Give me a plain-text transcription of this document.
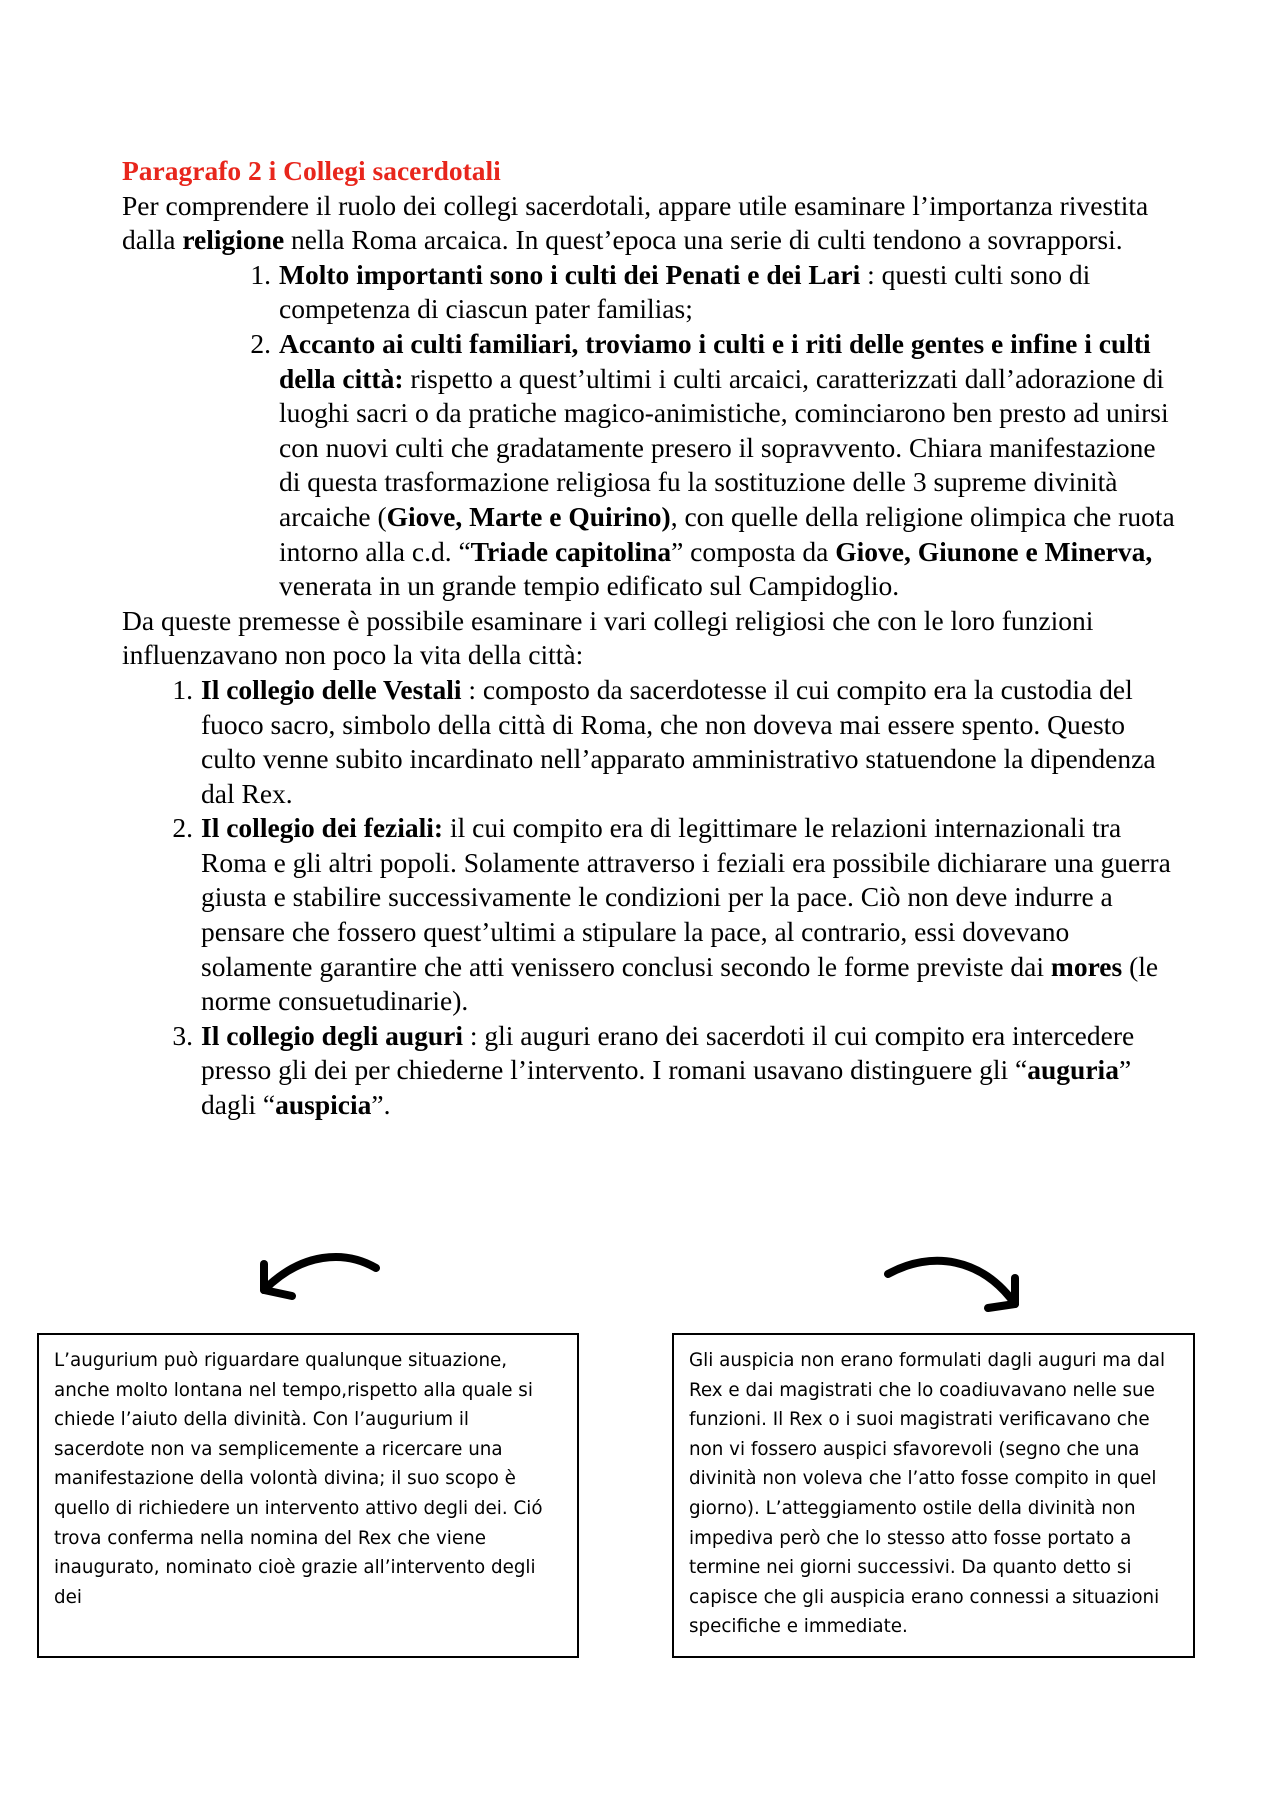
Paragrafo 2 i Collegi sacerdotali

Per comprendere il ruolo dei collegi sacerdotali, appare utile esaminare l’importanza rivestita dalla religione nella Roma arcaica. In quest’epoca una serie di culti tendono a sovrapporsi.

1. Molto importanti sono i culti dei Penati e dei Lari : questi culti sono di competenza di ciascun pater familias;
2. Accanto ai culti familiari, troviamo i culti e i riti delle gentes e infine i culti della città: rispetto a quest’ultimi i culti arcaici, caratterizzati dall’adorazione di luoghi sacri o da pratiche magico-animistiche, cominciarono ben presto ad unirsi con nuovi culti che gradatamente presero il sopravvento. Chiara manifestazione di questa trasformazione religiosa fu la sostituzione delle 3 supreme divinità arcaiche (Giove, Marte e Quirino), con quelle della religione olimpica che ruota intorno alla c.d. “Triade capitolina” composta da Giove, Giunone e Minerva, venerata in un grande tempio edificato sul Campidoglio.

Da queste premesse è possibile esaminare i vari collegi religiosi che con le loro funzioni influenzavano non poco la vita della città:

1. Il collegio delle Vestali : composto da sacerdotesse il cui compito era la custodia del fuoco sacro, simbolo della città di Roma, che non doveva mai essere spento. Questo culto venne subito incardinato nell’apparato amministrativo statuendone la dipendenza dal Rex.
2. Il collegio dei feziali: il cui compito era di legittimare le relazioni internazionali tra Roma e gli altri popoli. Solamente attraverso i feziali era possibile dichiarare una guerra giusta e stabilire successivamente le condizioni per la pace. Ciò non deve indurre a pensare che fossero quest’ultimi a stipulare la pace, al contrario, essi dovevano solamente garantire che atti venissero conclusi secondo le forme previste dai mores (le norme consuetudinarie).
3. Il collegio degli auguri : gli auguri erano dei sacerdoti il cui compito era intercedere presso gli dei per chiederne l’intervento. I romani usavano distinguere gli “auguria” dagli “auspicia”.
L’augurium può riguardare qualunque situazione, anche molto lontana nel tempo,rispetto alla quale si chiede l’aiuto della divinità. Con l’augurium il sacerdote non va semplicemente a ricercare una manifestazione della volontà divina; il suo scopo è quello di richiedere un intervento attivo degli dei. Ció trova conferma nella nomina del Rex che viene inaugurato, nominato cioè grazie all’intervento degli dei
Gli auspicia non erano formulati dagli auguri ma dal Rex e dai magistrati che lo coadiuvavano nelle sue funzioni. Il Rex o i suoi magistrati verificavano che non vi fossero auspici sfavorevoli (segno che una divinità non voleva che l’atto fosse compito in quel giorno). L’atteggiamento ostile della divinità non impediva però che lo stesso atto fosse portato a termine nei giorni successivi. Da quanto detto si capisce che gli auspicia erano connessi a situazioni specifiche e immediate.
